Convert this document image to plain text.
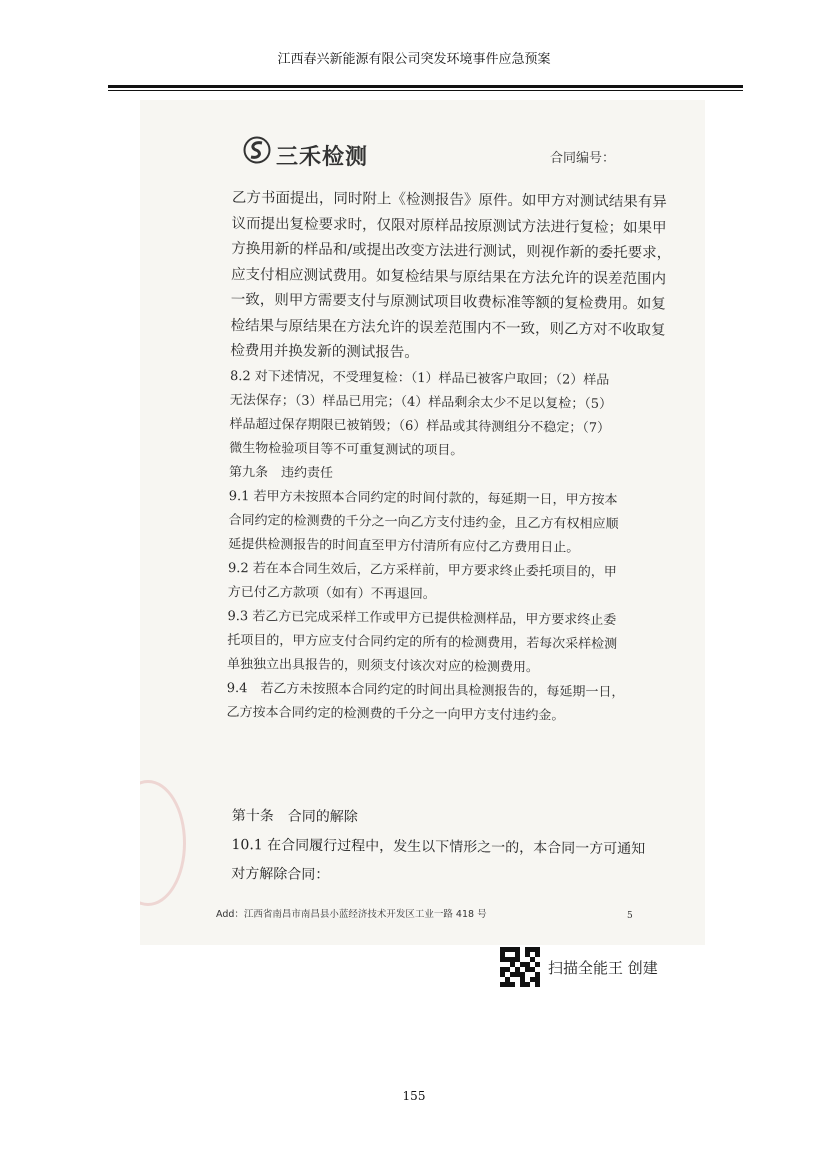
江西春兴新能源有限公司突发环境事件应急预案
三禾检测	合同编号：

乙方书面提出，同时附上《检测报告》原件。如甲方对测试结果有异

议而提出复检要求时，仅限对原样品按原测试方法进行复检；如果甲

方换用新的样品和/或提出改变方法进行测试，则视作新的委托要求，

应支付相应测试费用。如复检结果与原结果在方法允许的误差范围内

一致，则甲方需要支付与原测试项目收费标准等额的复检费用。如复

检结果与原结果在方法允许的误差范围内不一致，则乙方对不收取复

检费用并换发新的测试报告。

8.2 对下述情况，不受理复检：（1）样品已被客户取回；（2）样品

无法保存；（3）样品已用完；（4）样品剩余太少不足以复检；（5）

样品超过保存期限已被销毁；（6）样品或其待测组分不稳定；（7）

微生物检验项目等不可重复测试的项目。

第九条　违约责任

9.1 若甲方未按照本合同约定的时间付款的，每延期一日，甲方按本

合同约定的检测费的千分之一向乙方支付违约金，且乙方有权相应顺

延提供检测报告的时间直至甲方付清所有应付乙方费用日止。

9.2 若在本合同生效后，乙方采样前，甲方要求终止委托项目的，甲

方已付乙方款项（如有）不再退回。

9.3 若乙方已完成采样工作或甲方已提供检测样品，甲方要求终止委

托项目的，甲方应支付合同约定的所有的检测费用，若每次采样检测

单独独立出具报告的，则须支付该次对应的检测费用。

9.4　若乙方未按照本合同约定的时间出具检测报告的，每延期一日，

乙方按本合同约定的检测费的千分之一向甲方支付违约金。

第十条　合同的解除

10.1 在合同履行过程中，发生以下情形之一的，本合同一方可通知

对方解除合同：

Add：江西省南昌市南昌县小蓝经济技术开发区工业一路 418 号	5
扫描全能王 创建
155
